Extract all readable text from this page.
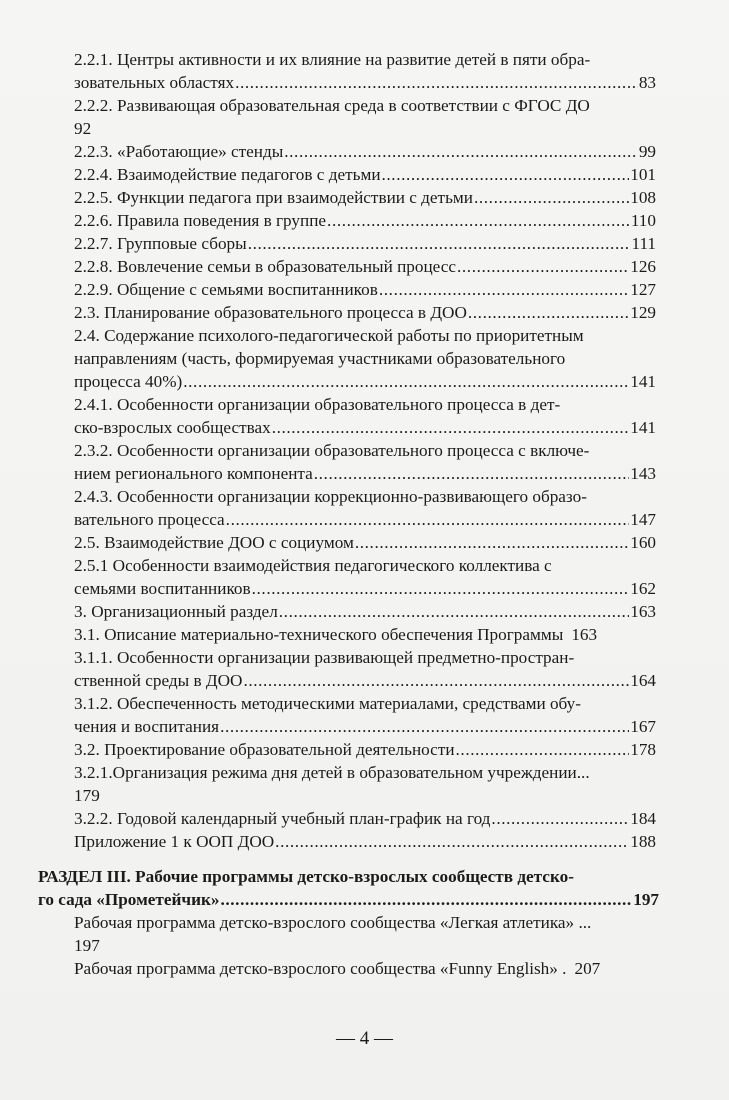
2.2.1. Центры активности и их влияние на развитие детей в пяти обра-
зовательных областях .....	83
2.2.2. Развивающая образовательная среда в соответствии с ФГОС ДО
92
2.2.3. «Работающие» стенды .....	99
2.2.4. Взаимодействие педагогов с детьми .....	101
2.2.5. Функции педагога при взаимодействии с детьми .....	108
2.2.6. Правила поведения в группе .....	110
2.2.7. Групповые сборы .....	111
2.2.8. Вовлечение семьи в образовательный процесс .....	126
2.2.9. Общение с семьями воспитанников .....	127
2.3. Планирование образовательного процесса в ДОО .....	129
2.4. Содержание психолого-педагогической работы по приоритетным
направлениям (часть, формируемая участниками образовательного
процесса 40%) .....	141
2.4.1. Особенности организации образовательного процесса в дет-
ско-взрослых сообществах .....	141
2.3.2. Особенности организации образовательного процесса с включе-
нием регионального компонента .....	143
2.4.3. Особенности организации коррекционно-развивающего образо-
вательного процесса .....	147
2.5. Взаимодействие ДОО с социумом .....	160
2.5.1 Особенности взаимодействия педагогического коллектива с
семьями воспитанников .....	162
3. Организационный раздел .....	163
3.1. Описание материально-технического обеспечения Программы 163
3.1.1. Особенности организации развивающей предметно-простран-
ственной среды в ДОО .....	164
3.1.2. Обеспеченность методическими материалами, средствами обу-
чения и воспитания .....	167
3.2. Проектирование образовательной деятельности .....	178
3.2.1.Организация режима дня детей в образовательном учреждении...
179
3.2.2. Годовой календарный учебный план-график на год .....	184
Приложение 1 к ООП ДОО .....	188
РАЗДЕЛ III. Рабочие программы детско-взрослых сообществ детско-
го сада «Прометейчик» .....	197
Рабочая программа детско-взрослого сообщества «Легкая атлетика» ...
197
Рабочая программа детско-взрослого сообщества «Funny English» . 207
— 4 —
